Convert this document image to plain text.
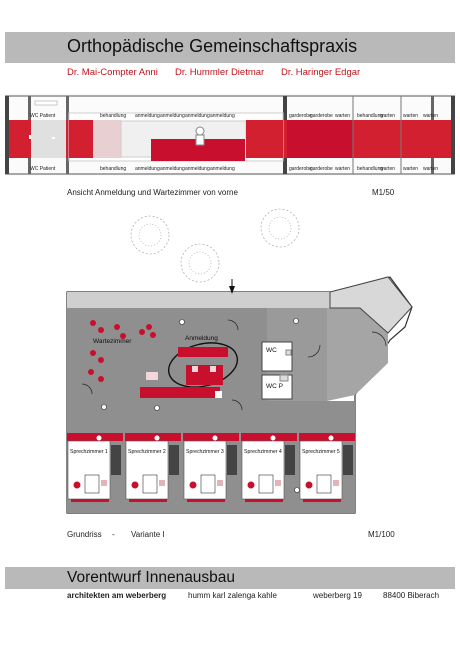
Orthopädische Gemeinschaftspraxis
Dr. Mai-Compter Anni Dr. Hummler Dietmar Dr. Haringer Edgar
WC Patient	behandlung anmeldung anmeldung anmeldung anmeldung	garderobe
garderobe warten behandlung
warten warten warten
WC Patient	behandlung anmeldung anmeldung anmeldung anmeldung	garderobe
garderobe warten behandlung
warten warten warten
Ansicht Anmeldung und Wartezimmer von vorne	M1/50
Sprechzimmer 1	Sprechzimmer 2	Sprechzimmer 3	Sprechzimmer 4	Sprechzimmer 5
Wartezimmer	Anmeldung
WC
WC P
Grundriss - Variante I	M1/100
Vorentwurf Innenausbau
architekten am weberberg	humm karl zalenga kahle	weberberg 19	88400 Biberach
